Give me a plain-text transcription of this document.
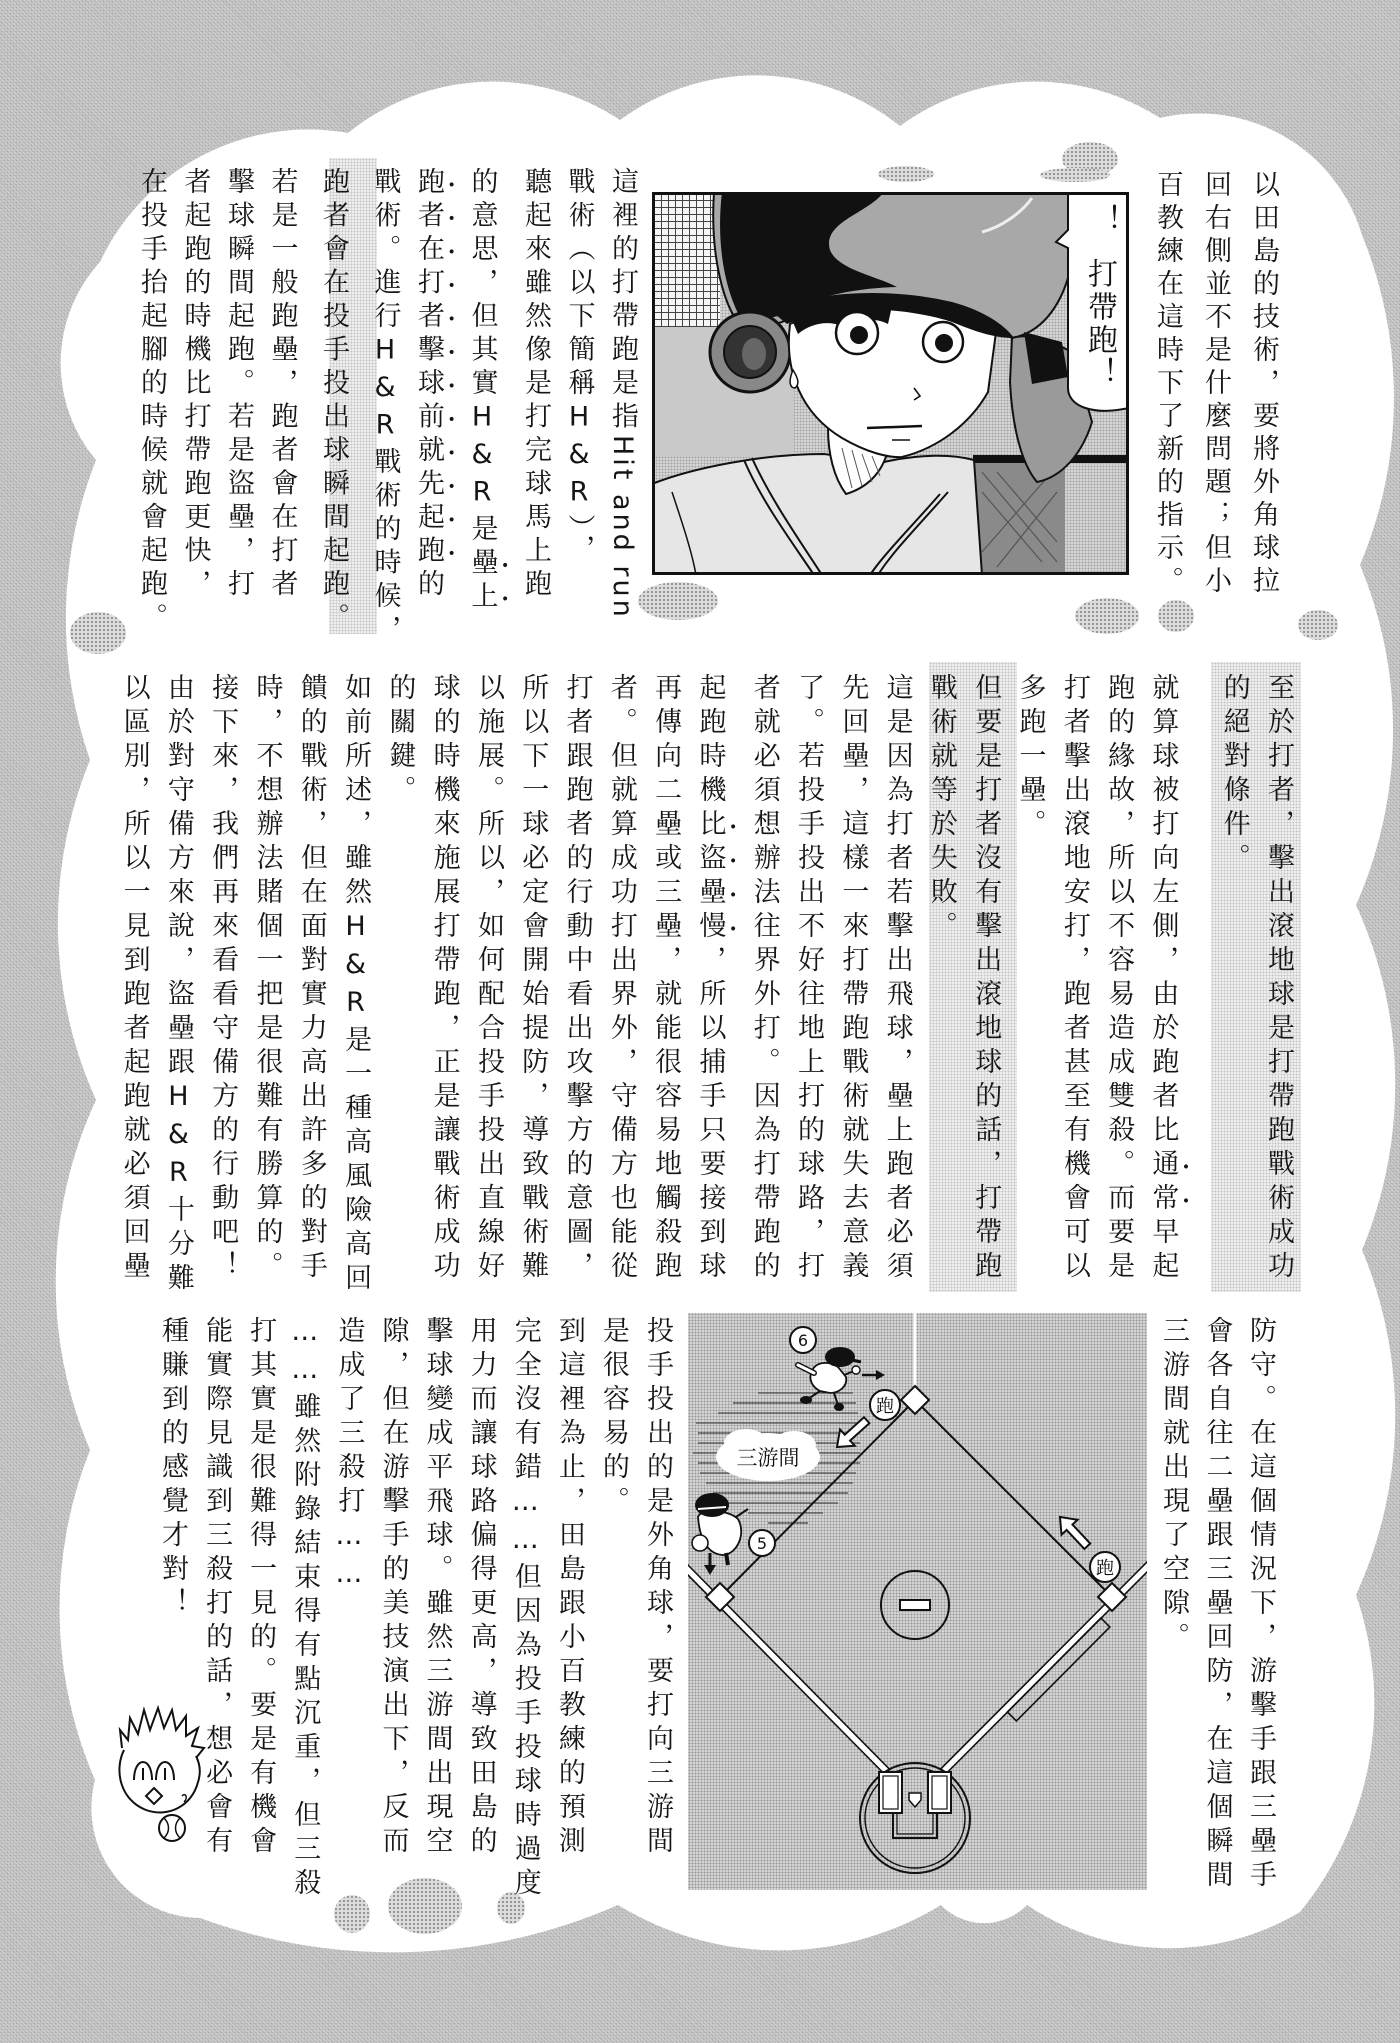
以田島的技術，要將外角球拉
回右側並不是什麼問題；但小
百教練在這時下了新的指示。
這裡的打帶跑是指Hit and run
戰術（以下簡稱H&R），
聽起來雖然像是打完球馬上跑
的意思，但其實H&R是壘上
跑者在打者擊球前就先起跑的
戰術。進行H&R戰術的時候，
跑者會在投手投出球瞬間起跑。
若是一般跑壘，跑者會在打者
擊球瞬間起跑。若是盜壘，打
者起跑的時機比打帶跑更快，
在投手抬起腳的時候就會起跑。
至於打者，擊出滾地球是打帶跑戰術成功
的絕對條件。
就算球被打向左側，由於跑者比通常早起
跑的緣故，所以不容易造成雙殺。而要是
打者擊出滾地安打，跑者甚至有機會可以
多跑一壘。
但要是打者沒有擊出滾地球的話，打帶跑
戰術就等於失敗。
這是因為打者若擊出飛球，壘上跑者必須
先回壘，這樣一來打帶跑戰術就失去意義
了。若投手投出不好往地上打的球路，打
者就必須想辦法往界外打。因為打帶跑的
起跑時機比盜壘慢，所以捕手只要接到球
再傳向二壘或三壘，就能很容易地觸殺跑
者。但就算成功打出界外，守備方也能從
打者跟跑者的行動中看出攻擊方的意圖，
所以下一球必定會開始提防，導致戰術難
以施展。所以，如何配合投手投出直線好
球的時機來施展打帶跑，正是讓戰術成功
的關鍵。
如前所述，雖然H&R是一種高風險高回
饋的戰術，但在面對實力高出許多的對手
時，不想辦法賭個一把是很難有勝算的。
接下來，我們再來看看守備方的行動吧！
由於對守備方來說，盜壘跟H&R十分難
以區別，所以一見到跑者起跑就必須回壘
防守。在這個情況下，游擊手跟三壘手
會各自往二壘跟三壘回防，在這個瞬間
三游間就出現了空隙。
投手投出的是外角球，要打向三游間
是很容易的。
到這裡為止，田島跟小百教練的預測
完全沒有錯……但因為投手投球時過度
用力而讓球路偏得更高，導致田島的
擊球變成平飛球。雖然三游間出現空
隙，但在游擊手的美技演出下，反而
造成了三殺打……
……雖然附錄結束得有點沉重，但三殺
打其實是很難得一見的。要是有機會
能實際見識到三殺打的話，想必會有
種賺到的感覺才對！
！
打帶跑！
三游間
6
跑
5
跑
